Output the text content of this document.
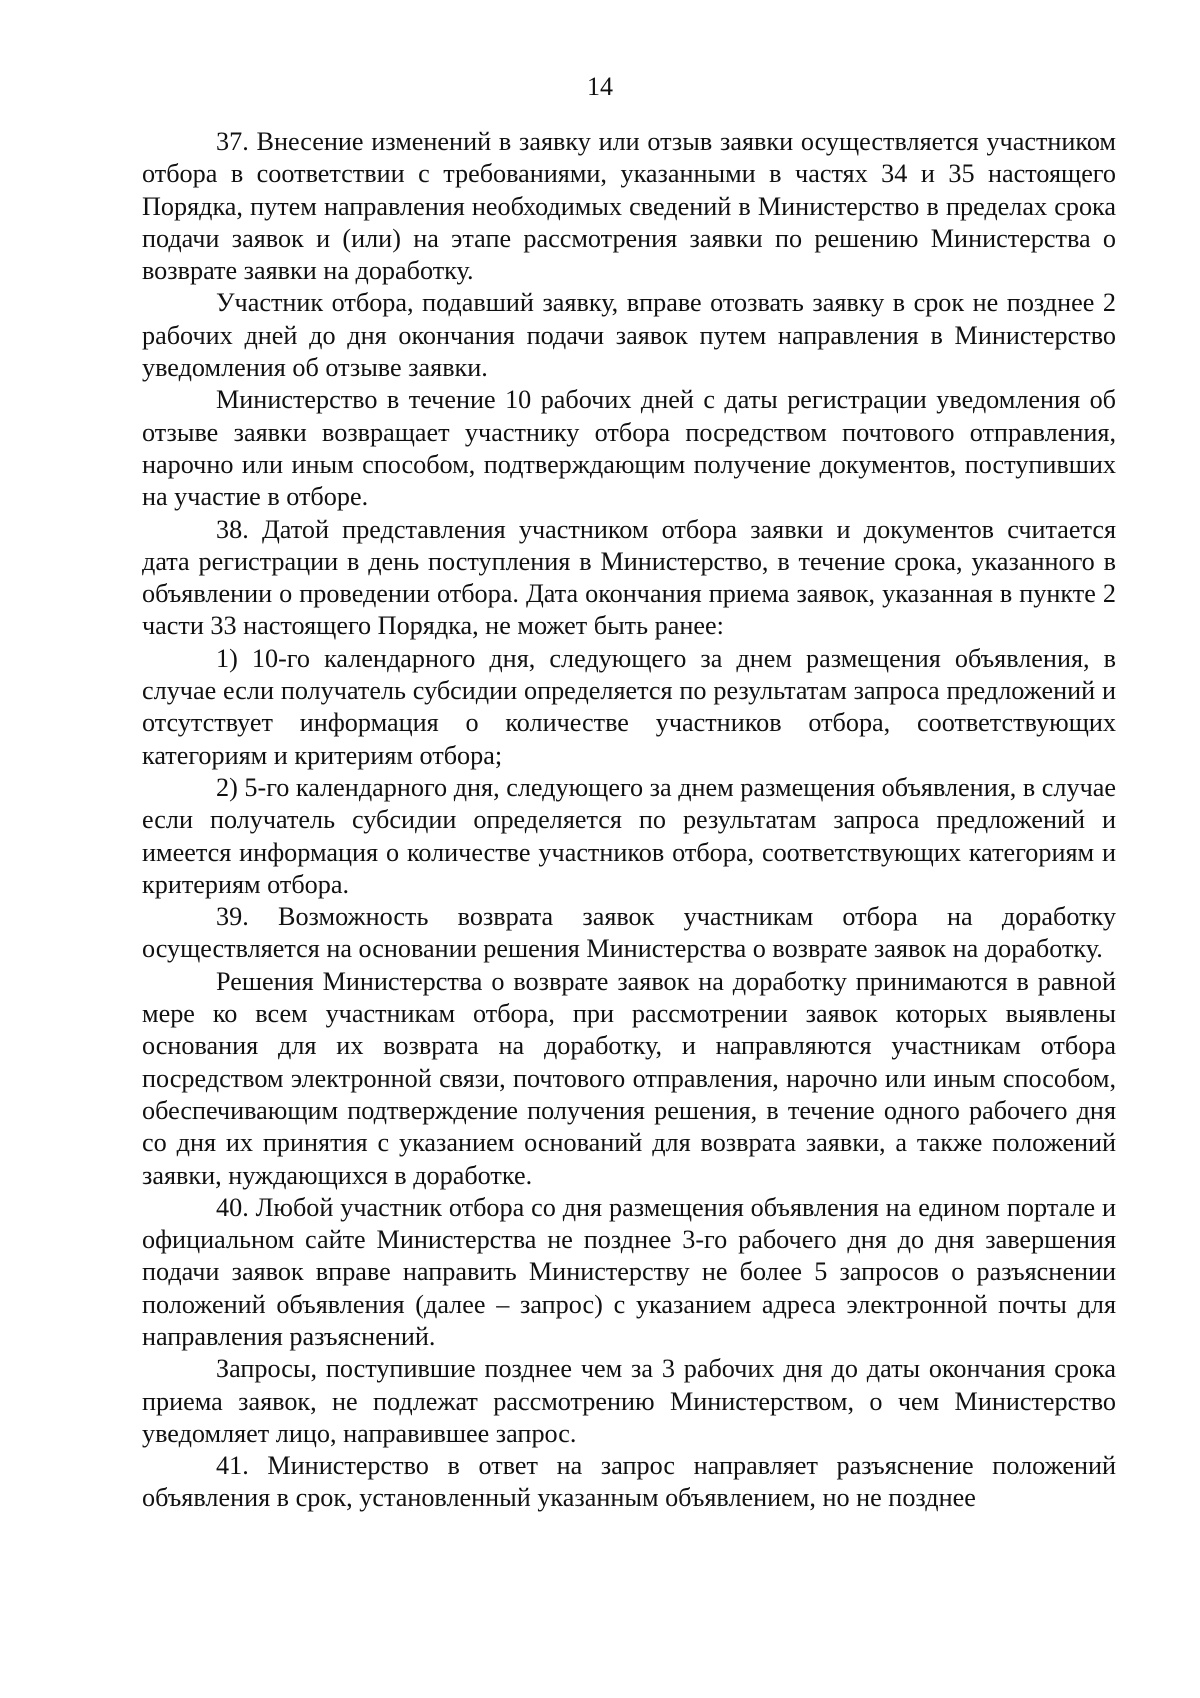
14

37. Внесение изменений в заявку или отзыв заявки осуществляется участником отбора в соответствии с требованиями, указанными в частях 34 и 35 настоящего Порядка, путем направления необходимых сведений в Министерство в пределах срока подачи заявок и (или) на этапе рассмотрения заявки по решению Министерства о возврате заявки на доработку.

Участник отбора, подавший заявку, вправе отозвать заявку в срок не позднее 2 рабочих дней до дня окончания подачи заявок путем направления в Министерство уведомления об отзыве заявки.

Министерство в течение 10 рабочих дней с даты регистрации уведомления об отзыве заявки возвращает участнику отбора посредством почтового отправления, нарочно или иным способом, подтверждающим получение документов, поступивших на участие в отборе.

38. Датой представления участником отбора заявки и документов считается дата регистрации в день поступления в Министерство, в течение срока, указанного в объявлении о проведении отбора. Дата окончания приема заявок, указанная в пункте 2 части 33 настоящего Порядка, не может быть ранее:

1) 10-го календарного дня, следующего за днем размещения объявления, в случае если получатель субсидии определяется по результатам запроса предложений и отсутствует информация о количестве участников отбора, соответствующих категориям и критериям отбора;

2) 5-го календарного дня, следующего за днем размещения объявления, в случае если получатель субсидии определяется по результатам запроса предложений и имеется информация о количестве участников отбора, соответствующих категориям и критериям отбора.

39. Возможность возврата заявок участникам отбора на доработку осуществляется на основании решения Министерства о возврате заявок на доработку.

Решения Министерства о возврате заявок на доработку принимаются в равной мере ко всем участникам отбора, при рассмотрении заявок которых выявлены основания для их возврата на доработку, и направляются участникам отбора посредством электронной связи, почтового отправления, нарочно или иным способом, обеспечивающим подтверждение получения решения, в течение одного рабочего дня со дня их принятия с указанием оснований для возврата заявки, а также положений заявки, нуждающихся в доработке.

40. Любой участник отбора со дня размещения объявления на едином портале и официальном сайте Министерства не позднее 3-го рабочего дня до дня завершения подачи заявок вправе направить Министерству не более 5 запросов о разъяснении положений объявления (далее – запрос) с указанием адреса электронной почты для направления разъяснений.

Запросы, поступившие позднее чем за 3 рабочих дня до даты окончания срока приема заявок, не подлежат рассмотрению Министерством, о чем Министерство уведомляет лицо, направившее запрос.

41. Министерство в ответ на запрос направляет разъяснение положений объявления в срок, установленный указанным объявлением, но не позднее
